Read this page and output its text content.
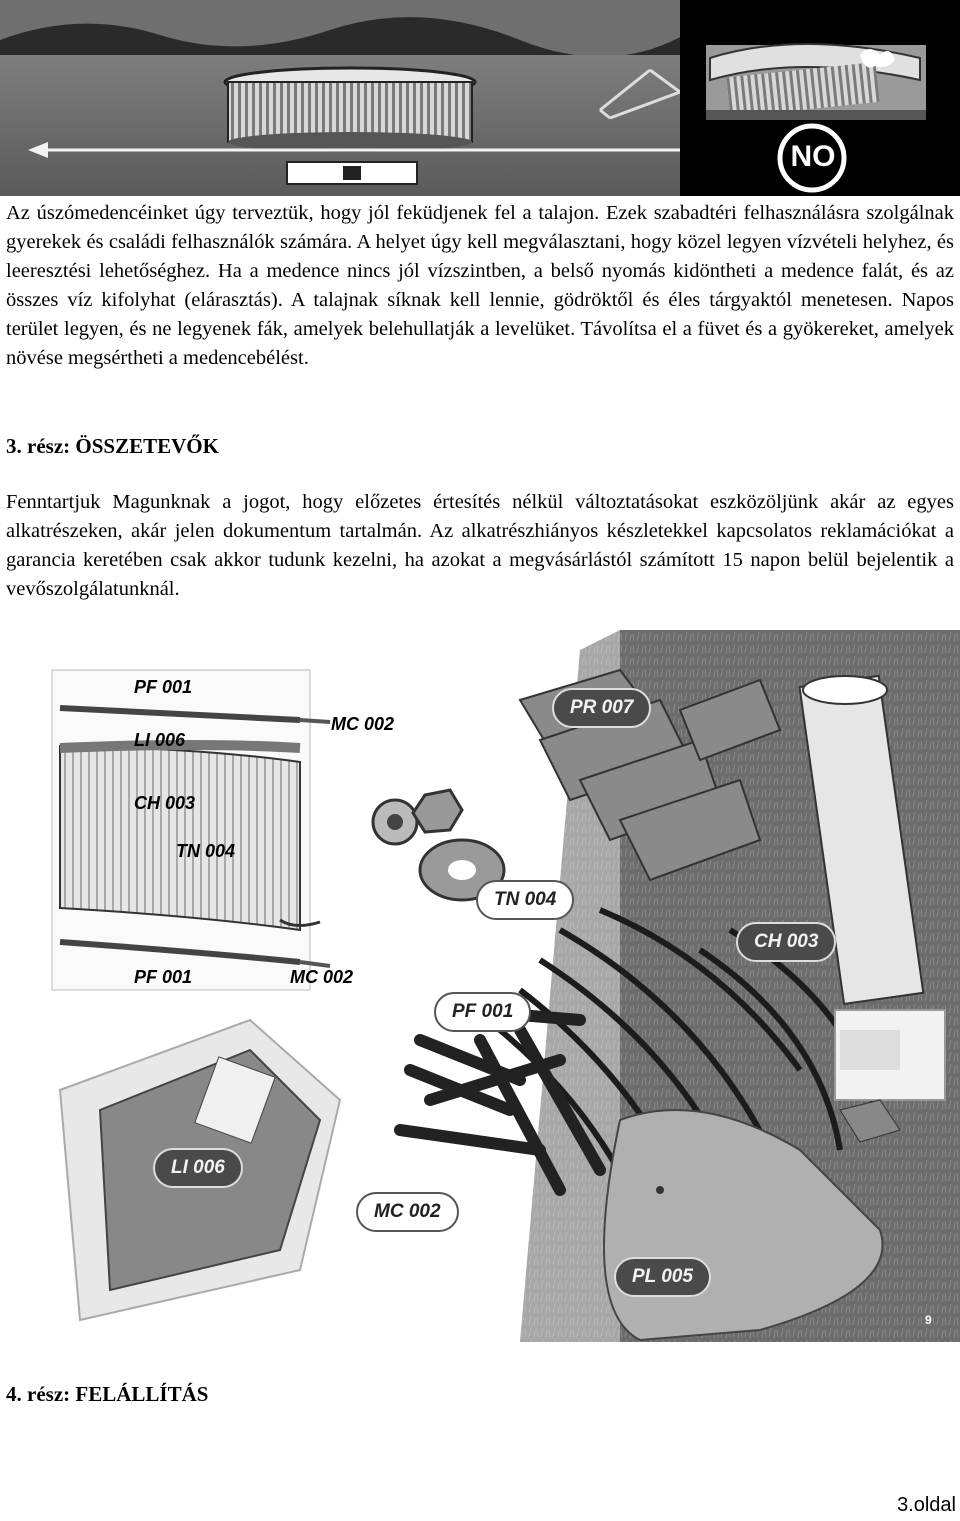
NO

Az úszómedencéinket úgy terveztük, hogy jól feküdjenek fel a talajon. Ezek szabadtéri felhasználásra szolgálnak gyerekek és családi felhasználók számára. A helyet úgy kell megválasztani, hogy közel legyen vízvételi helyhez, és leeresztési lehetőséghez. Ha a medence nincs jól vízszintben, a belső nyomás kidöntheti a medence falát, és az összes víz kifolyhat (elárasztás). A talajnak síknak kell lennie, gödröktől és éles tárgyaktól menetesen. Napos terület legyen, és ne legyenek fák, amelyek belehullatják a levelüket. Távolítsa el a füvet és a gyökereket, amelyek növése megsértheti a medencebélést.

3. rész: ÖSSZETEVŐK

Fenntartjuk Magunknak a jogot, hogy előzetes értesítés nélkül változtatásokat eszközöljünk akár az egyes alkatrészeken, akár jelen dokumentum tartalmán. Az alkatrészhiányos készletekkel kapcsolatos reklamációkat a garancia keretében csak akkor tudunk kezelni, ha azokat a megvásárlástól számított 15 napon belül bejelentik a vevőszolgálatunknál.

PF 001
MC 002
LI 006
CH 003
TN 004
PF 001	MC 002
PR 007
TN 004
CH 003
PF 001
LI 006
MC 002
PL 005
9
4. rész: FELÁLLÍTÁS
3.oldal
